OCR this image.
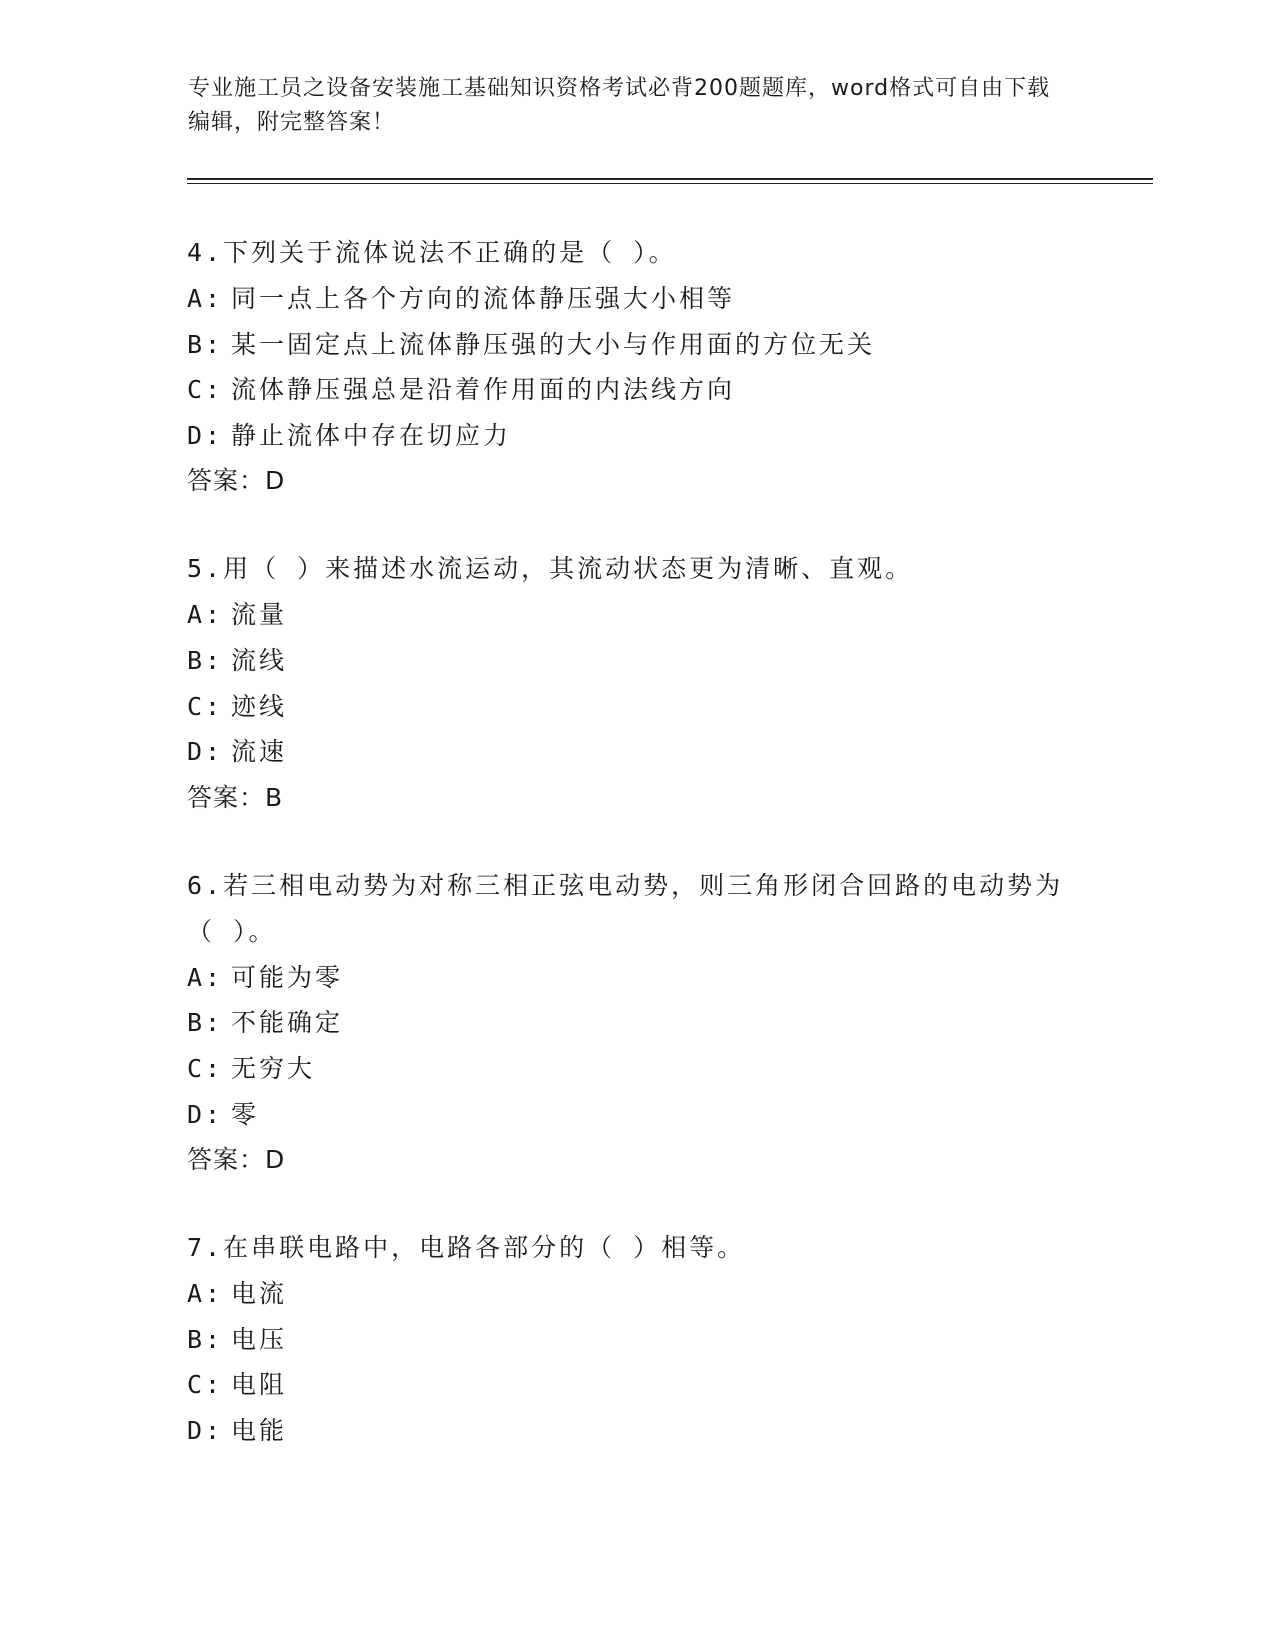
专业施工员之设备安装施工基础知识资格考试必背200题题库，word格式可自由下载编辑，附完整答案！
4.下列关于流体说法不正确的是（ ）。
A: 同一点上各个方向的流体静压强大小相等
B: 某一固定点上流体静压强的大小与作用面的方位无关
C: 流体静压强总是沿着作用面的内法线方向
D: 静止流体中存在切应力
答案：D
5.用（ ）来描述水流运动，其流动状态更为清晰、直观。
A: 流量
B: 流线
C: 迹线
D: 流速
答案：B
6.若三相电动势为对称三相正弦电动势，则三角形闭合回路的电动势为（ ）。
A: 可能为零
B: 不能确定
C: 无穷大
D: 零
答案：D
7.在串联电路中，电路各部分的（ ）相等。
A: 电流
B: 电压
C: 电阻
D: 电能
